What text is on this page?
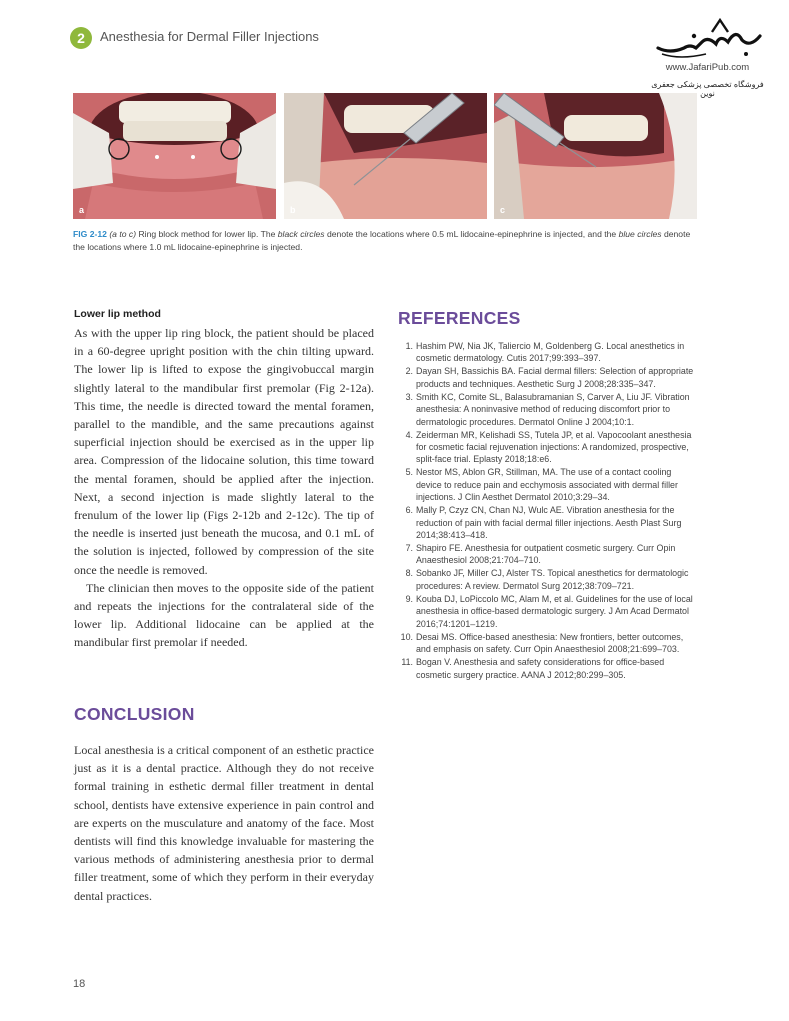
2	Anesthesia for Dermal Filler Injections
www.JafariPub.com
فروشگاه تخصصی پزشکی جعفری نوین
a	b	c
FIG 2-12 (a to c) Ring block method for lower lip. The black circles denote the locations where 0.5 mL lidocaine-epinephrine is injected, and the blue circles denote the locations where 1.0 mL lidocaine-epinephrine is injected.
Lower lip method

As with the upper lip ring block, the patient should be placed in a 60-degree upright position with the chin tilting upward. The lower lip is lifted to expose the gingivobuccal margin slightly lateral to the mandibular first premolar (Fig 2-12a). This time, the needle is directed toward the mental foramen, parallel to the mandible, and the same precautions against superficial injection should be exercised as in the upper lip area. Compression of the lidocaine solution, this time toward the mental foramen, should be applied after the injection. Next, a second injection is made slightly lateral to the frenulum of the lower lip (Figs 2-12b and 2-12c). The tip of the needle is inserted just beneath the mucosa, and 0.1 mL of the solution is injected, followed by compression of the site once the needle is removed.

The clinician then moves to the opposite side of the patient and repeats the injections for the contralateral side of the lower lip. Additional lidocaine can be applied at the mandibular first premolar if needed.

CONCLUSION

Local anesthesia is a critical component of an esthetic practice just as it is a dental practice. Although they do not receive formal training in esthetic dermal filler treatment in dental school, dentists have extensive experience in pain control and are experts on the musculature and anatomy of the face. Most dentists will find this knowledge invaluable for mastering the various methods of administering anesthesia prior to dermal filler treatment, some of which they perform in their everyday dental practices.

REFERENCES
1. Hashim PW, Nia JK, Taliercio M, Goldenberg G. Local anesthetics in cosmetic dermatology. Cutis 2017;99:393–397.
2. Dayan SH, Bassichis BA. Facial dermal fillers: Selection of appropriate products and techniques. Aesthetic Surg J 2008;28:335–347.
3. Smith KC, Comite SL, Balasubramanian S, Carver A, Liu JF. Vibration anesthesia: A noninvasive method of reducing discomfort prior to dermatologic procedures. Dermatol Online J 2004;10:1.
4. Zeiderman MR, Kelishadi SS, Tutela JP, et al. Vapocoolant anesthesia for cosmetic facial rejuvenation injections: A randomized, prospective, split-face trial. Eplasty 2018;18:e6.
5. Nestor MS, Ablon GR, Stillman, MA. The use of a contact cooling device to reduce pain and ecchymosis associated with dermal filler injections. J Clin Aesthet Dermatol 2010;3:29–34.
6. Mally P, Czyz CN, Chan NJ, Wulc AE. Vibration anesthesia for the reduction of pain with facial dermal filler injections. Aesth Plast Surg 2014;38:413–418.
7. Shapiro FE. Anesthesia for outpatient cosmetic surgery. Curr Opin Anaesthesiol 2008;21:704–710.
8. Sobanko JF, Miller CJ, Alster TS. Topical anesthetics for dermatologic procedures: A review. Dermatol Surg 2012;38:709–721.
9. Kouba DJ, LoPiccolo MC, Alam M, et al. Guidelines for the use of local anesthesia in office-based dermatologic surgery. J Am Acad Dermatol 2016;74:1201–1219.
10. Desai MS. Office-based anesthesia: New frontiers, better outcomes, and emphasis on safety. Curr Opin Anaesthesiol 2008;21:699–703.
11. Bogan V. Anesthesia and safety considerations for office-based cosmetic surgery practice. AANA J 2012;80:299–305.
18
